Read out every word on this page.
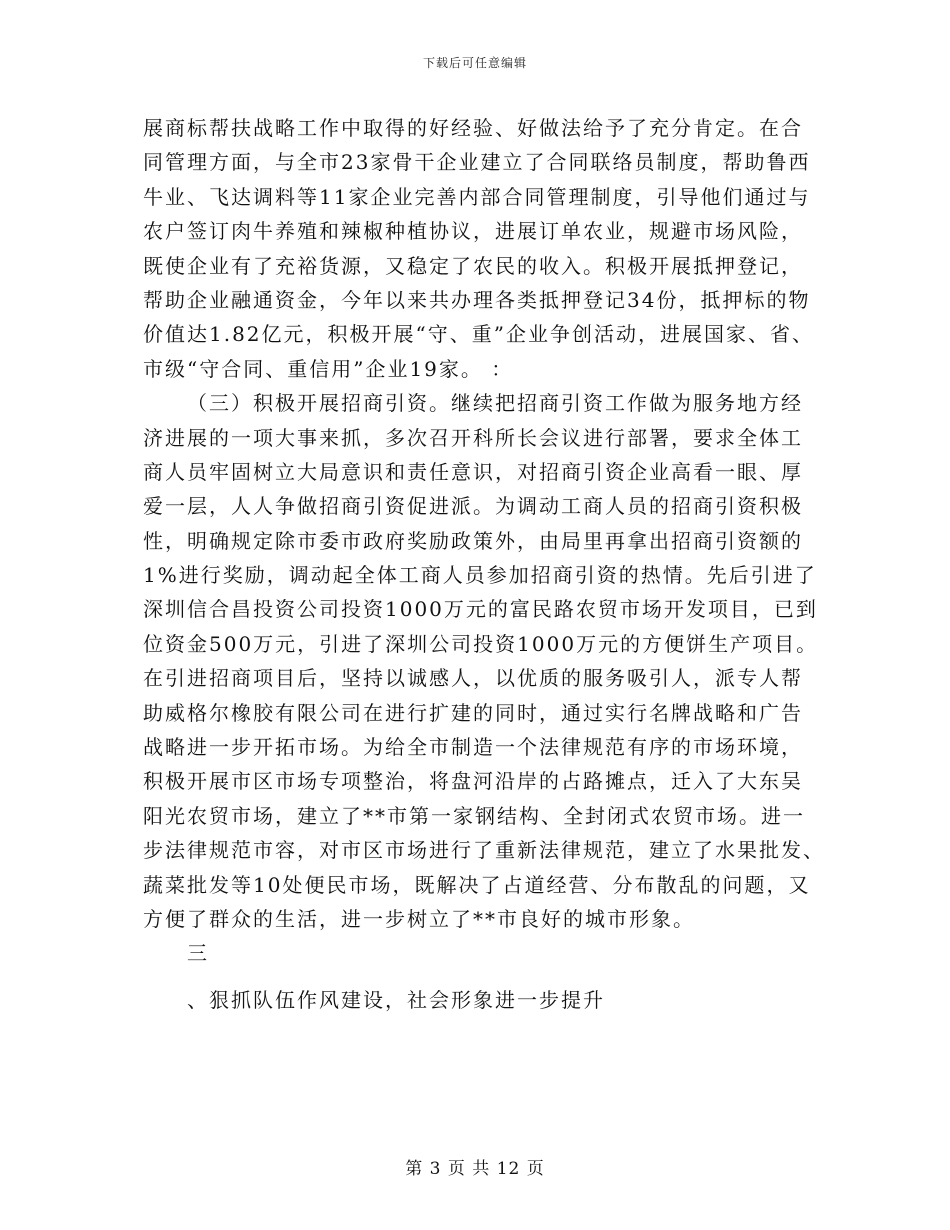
下载后可任意编辑
展商标帮扶战略工作中取得的好经验、好做法给予了充分肯定。在合
同管理方面，与全市23家骨干企业建立了合同联络员制度，帮助鲁西
牛业、飞达调料等11家企业完善内部合同管理制度，引导他们通过与
农户签订肉牛养殖和辣椒种植协议，进展订单农业，规避市场风险，
既使企业有了充裕货源，又稳定了农民的收入。积极开展抵押登记，
帮助企业融通资金，今年以来共办理各类抵押登记34份，抵押标的物
价值达1.82亿元，积极开展“守、重”企业争创活动，进展国家、省、
市级“守合同、重信用”企业19家。 ：
（三）积极开展招商引资。继续把招商引资工作做为服务地方经
济进展的一项大事来抓，多次召开科所长会议进行部署，要求全体工
商人员牢固树立大局意识和责任意识，对招商引资企业高看一眼、厚
爱一层，人人争做招商引资促进派。为调动工商人员的招商引资积极
性，明确规定除市委市政府奖励政策外，由局里再拿出招商引资额的
1%进行奖励，调动起全体工商人员参加招商引资的热情。先后引进了
深圳信合昌投资公司投资1000万元的富民路农贸市场开发项目，已到
位资金500万元，引进了深圳公司投资1000万元的方便饼生产项目。
在引进招商项目后，坚持以诚感人，以优质的服务吸引人，派专人帮
助威格尔橡胶有限公司在进行扩建的同时，通过实行名牌战略和广告
战略进一步开拓市场。为给全市制造一个法律规范有序的市场环境，
积极开展市区市场专项整治，将盘河沿岸的占路摊点，迁入了大东吴
阳光农贸市场，建立了**市第一家钢结构、全封闭式农贸市场。进一
步法律规范市容，对市区市场进行了重新法律规范，建立了水果批发、
蔬菜批发等10处便民市场，既解决了占道经营、分布散乱的问题，又
方便了群众的生活，进一步树立了**市良好的城市形象。
三
、狠抓队伍作风建设，社会形象进一步提升
第 3 页 共 12 页
